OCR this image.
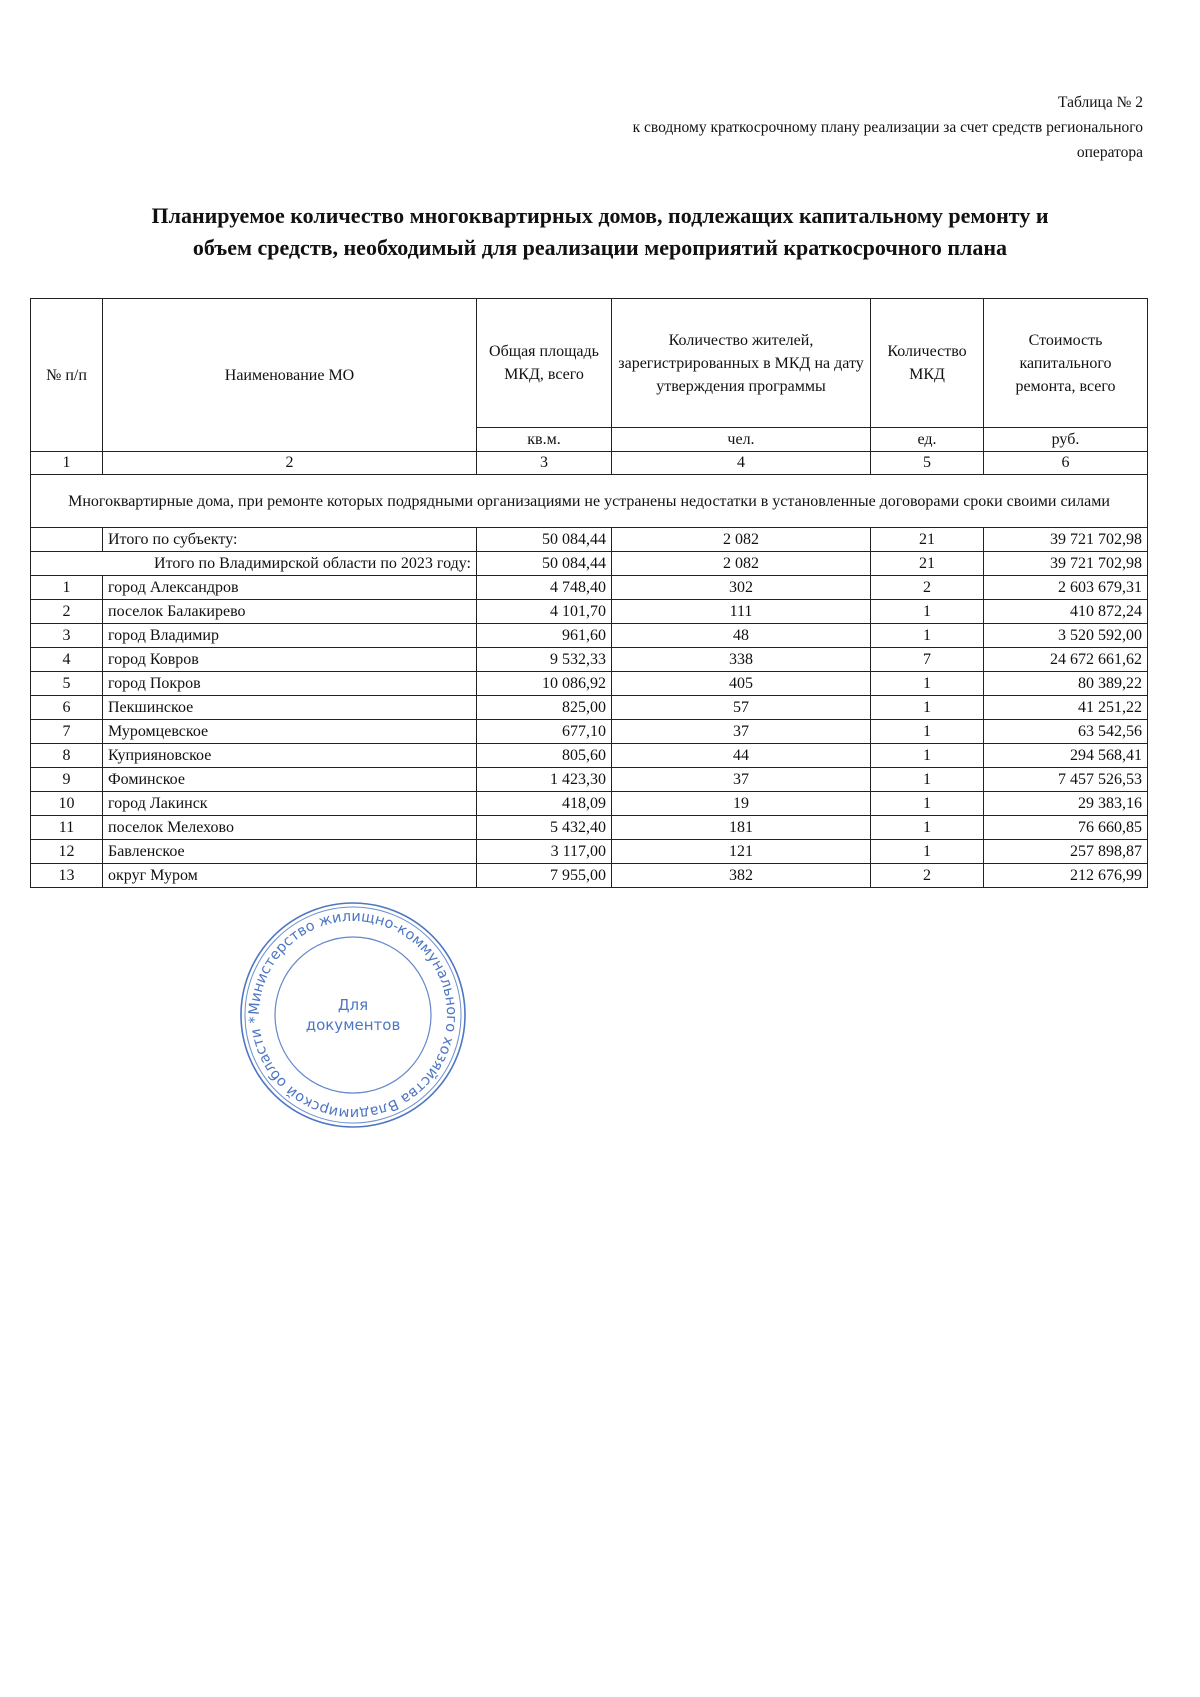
Таблица № 2
к сводному краткосрочному плану реализации за счет средств регионального
оператора
Планируемое количество многоквартирных домов, подлежащих капитальному ремонту и
объем средств, необходимый для реализации мероприятий краткосрочного плана
№ п/п	Наименование МО	Общая площадь МКД, всего	Количество жителей, зарегистрированных в МКД на дату утверждения программы	Количество МКД	Стоимость капитального ремонта, всего
		кв.м.	чел.	ед.	руб.
1	2	3	4	5	6
Многоквартирные дома, при ремонте которых подрядными организациями не устранены недостатки в установленные договорами сроки своими силами					
	Итого по субъекту:	50 084,44	2 082	21	39 721 702,98
Итого по Владимирской области по 2023 году:		50 084,44	2 082	21	39 721 702,98
1	город Александров	4 748,40	302	2	2 603 679,31
2	поселок Балакирево	4 101,70	111	1	410 872,24
3	город Владимир	961,60	48	1	3 520 592,00
4	город Ковров	9 532,33	338	7	24 672 661,62
5	город Покров	10 086,92	405	1	80 389,22
6	Пекшинское	825,00	57	1	41 251,22
7	Муромцевское	677,10	37	1	63 542,56
8	Куприяновское	805,60	44	1	294 568,41
9	Фоминское	1 423,30	37	1	7 457 526,53
10	город Лакинск	418,09	19	1	29 383,16
11	поселок Мелехово	5 432,40	181	1	76 660,85
12	Бавленское	3 117,00	121	1	257 898,87
13	округ Муром	7 955,00	382	2	212 676,99
Министерство жилищно-коммунального хозяйства Владимирской области *
Для
документов
